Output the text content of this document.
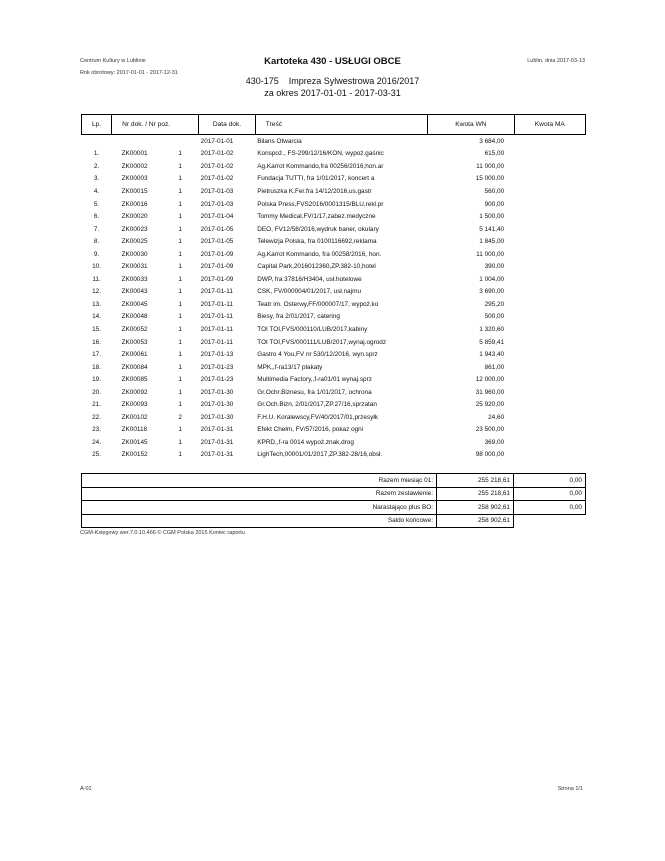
Centrum Kultury w Lublinie
Rok obrotowy: 2017-01-01 - 2017-12-31
Lublin, dnia 2017-03-13
Kartoteka 430 - USŁUGI OBCE
430-175    Impreza Sylwestrowa 2016/2017
za okres 2017-01-01 - 2017-03-31
Lp.	Nr dok. / Nr poz.		Data dok.	Treść	Kwota WN	Kwota MA
			2017-01-01	Bilans Otwarcia	3 684,00	
1.	ZK00001	1	2017-01-02	Konspoż., FS-299/12/16/KON, wypoż.gaśnic	615,00	
2.	ZK00002	1	2017-01-02	Ag.Karrot Kommando,fra 00256/2016,hon.ar	11 000,00	
3.	ZK00003	1	2017-01-02	Fundacja TUTTI, fra 1/01/2017, koncert a	15 000,00	
4.	ZK00015	1	2017-01-03	Pietruszka K.Fer.fra 14/12/2016,us.gastr	560,00	
5.	ZK00016	1	2017-01-03	Polska Press,FVS2016/0001315/BLU,rekl.pr	900,00	
6.	ZK00020	1	2017-01-04	Tommy Medical,FV/1/17,zabez.medyczne	1 500,00	
7.	ZK00023	1	2017-01-05	DEO, FV12/58/2016,wydruk baner, okulary	5 141,40	
8.	ZK00025	1	2017-01-05	Telewizja Polska, fra 0100116692,reklama	1 845,00	
9.	ZK00030	1	2017-01-09	Ag.Karrot Kommando, fra 00258/2016, hon.	11 000,00	
10.	ZK00031	1	2017-01-09	Capital Park,2016012360,ZP.382-10,hotel	390,00	
11.	ZK00033	1	2017-01-09	DWP, fra 37816/H3404, usł.hotelowe	1 004,00	
12.	ZK00043	1	2017-01-11	CSK, FV/000004/01/2017, usł.najmu	3 690,00	
13.	ZK00045	1	2017-01-11	Teatr im. Osterwy,FF/000007/17, wypoż.ko	295,20	
14.	ZK00048	1	2017-01-11	Biesy, fra 2/01/2017, catering	500,00	
15.	ZK00052	1	2017-01-11	TOI TOI,FVS/000110/LUB/2017,kabiny	1 320,60	
16.	ZK00053	1	2017-01-11	TOI TOI,FVS/000111/LUB/2017,wynaj.ogrodz	5 859,41	
17.	ZK00061	1	2017-01-13	Gastro 4 You,FV nr 530/12/2016, wyn.sprz	1 943,40	
18.	ZK00084	1	2017-01-23	MPK,,f-ra13/17 plakaty	861,00	
19.	ZK00085	1	2017-01-23	Multimedia Factory,,f-ra01/01 wynaj.sprz	12 000,00	
20.	ZK00092	1	2017-01-30	Gr.Ochr.Biznesu, fra 1/01/2017, ochrona	31 960,00	
21.	ZK00093	1	2017-01-30	Gr.Och.Bizn, 2/01/2017,ZP.27/16,sprzatan	25 920,00	
22.	ZK00102	2	2017-01-30	F.H.U. Koralewscy,FV/40/2017/01,przesyłk	24,60	
23.	ZK00118	1	2017-01-31	Efekt Chełm, FV/57/2016, pokaz ogni	23 500,00	
24.	ZK00145	1	2017-01-31	KPRD,,f-ra 0014 wypoż.znak.drog	369,00	
25.	ZK00152	1	2017-01-31	LighTech,00001/01/2017,ZP.382-28/16,obsł.	98 000,00	
Razem miesiąc 01:	255 218,61	0,00
Razem zestawienie:	255 218,61	0,00
Narastająco plus BO:	258 902,61	0,00
Saldo końcowe:	258 902,61	
CGM-Księgowy wer.7.0.10.466 © CGM Polska 2015 Koniec raportu
A-01	Strona 1/1
